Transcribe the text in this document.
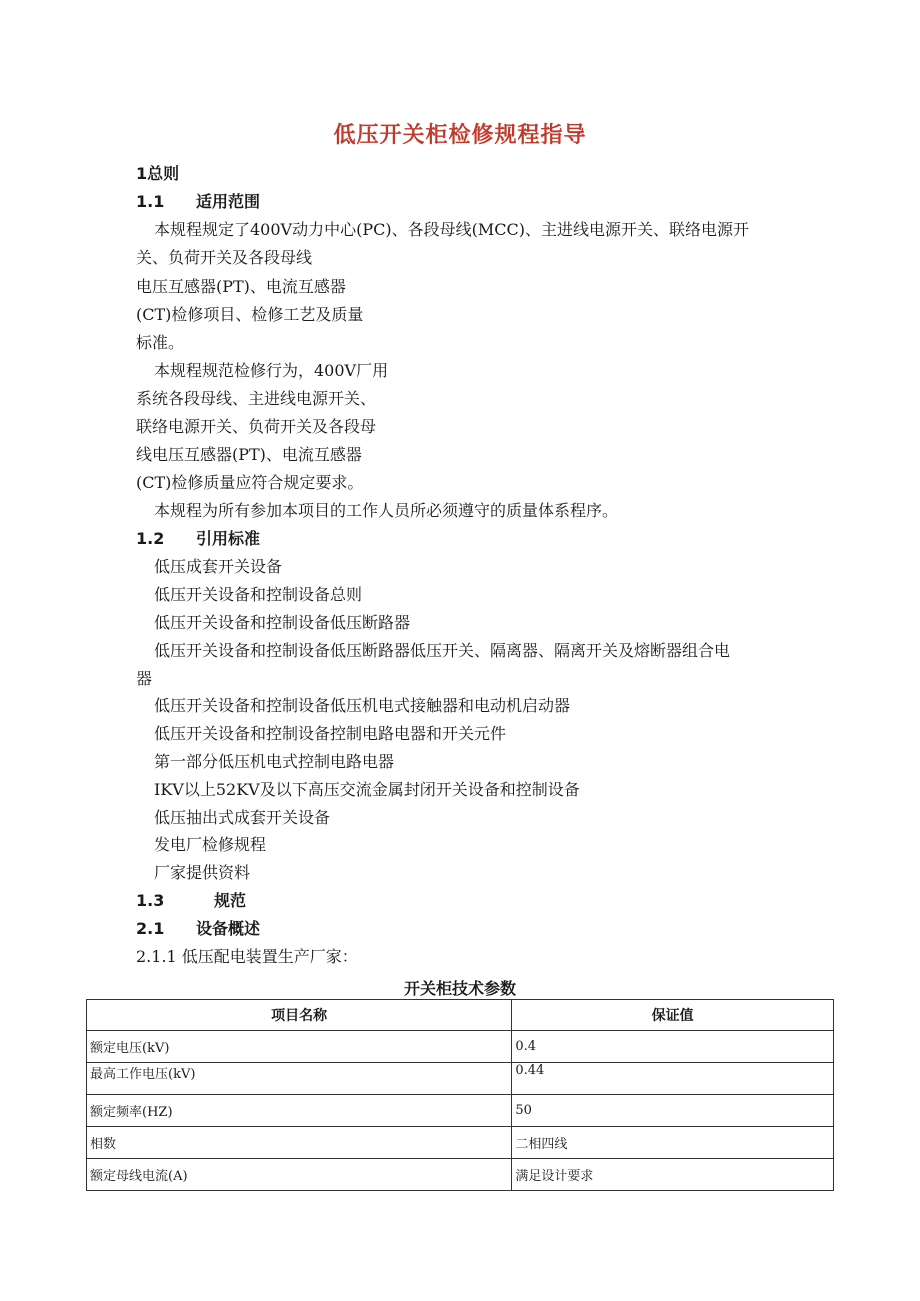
低压开关柜检修规程指导
1总则
1.1 适用范围
本规程规定了400V动力中心(PC)、各段母线(MCC)、主进线电源开关、联络电源开
关、负荷开关及各段母线
电压互感器(PT)、电流互感器
(CT)检修项目、检修工艺及质量
标准。
本规程规范检修行为，400V厂用
系统各段母线、主进线电源开关、
联络电源开关、负荷开关及各段母
线电压互感器(PT)、电流互感器
(CT)检修质量应符合规定要求。
本规程为所有参加本项目的工作人员所必须遵守的质量体系程序。
1.2 引用标准
低压成套开关设备
低压开关设备和控制设备总则
低压开关设备和控制设备低压断路器
低压开关设备和控制设备低压断路器低压开关、隔离器、隔离开关及熔断器组合电
器
低压开关设备和控制设备低压机电式接触器和电动机启动器
低压开关设备和控制设备控制电路电器和开关元件
第一部分低压机电式控制电路电器
IKV以上52KV及以下高压交流金属封闭开关设备和控制设备
低压抽出式成套开关设备
发电厂检修规程
厂家提供资料
1.3	规范
2.1 设备概述
2.1.1 低压配电装置生产厂家：
开关柜技术参数
项目名称	保证值
额定电压(kV)	0.4
最高工作电压(kV)	0.44
额定频率(HZ)	50
相数	二相四线
额定母线电流(A)	满足设计要求
